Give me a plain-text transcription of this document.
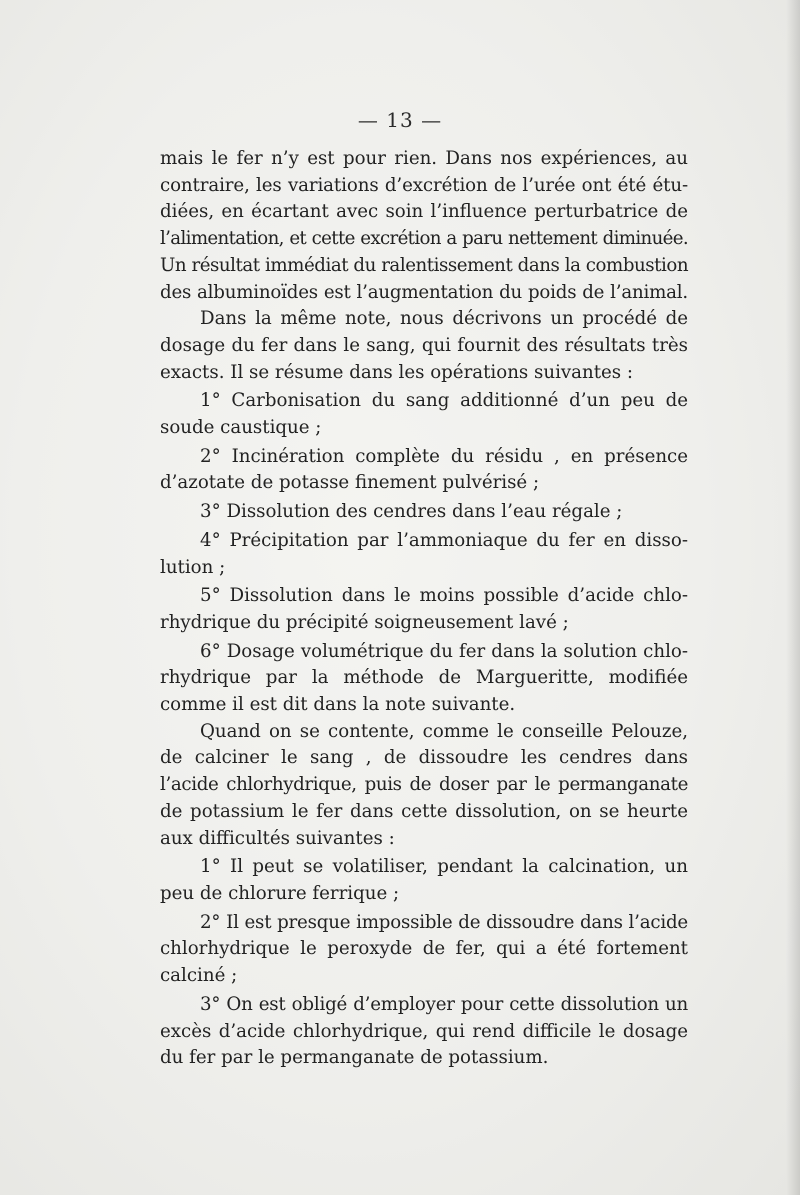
— 13 —

mais le fer n’y est pour rien. Dans nos expériences, au
contraire, les variations d’excrétion de l’urée ont été étu-
diées, en écartant avec soin l’influence perturbatrice de
l’alimentation, et cette excrétion a paru nettement diminuée.
Un résultat immédiat du ralentissement dans la combustion
des albuminoïdes est l’augmentation du poids de l’animal.

Dans la même note, nous décrivons un procédé de
dosage du fer dans le sang, qui fournit des résultats très
exacts. Il se résume dans les opérations suivantes :

1° Carbonisation du sang additionné d’un peu de
soude caustique ;

2° Incinération complète du résidu , en présence
d’azotate de potasse finement pulvérisé ;

3° Dissolution des cendres dans l’eau régale ;

4° Précipitation par l’ammoniaque du fer en disso-
lution ;

5° Dissolution dans le moins possible d’acide chlo-
rhydrique du précipité soigneusement lavé ;

6° Dosage volumétrique du fer dans la solution chlo-
rhydrique par la méthode de Margueritte, modifiée
comme il est dit dans la note suivante.

Quand on se contente, comme le conseille Pelouze,
de calciner le sang , de dissoudre les cendres dans
l’acide chlorhydrique, puis de doser par le permanganate
de potassium le fer dans cette dissolution, on se heurte
aux difficultés suivantes :

1° Il peut se volatiliser, pendant la calcination, un
peu de chlorure ferrique ;

2° Il est presque impossible de dissoudre dans l’acide
chlorhydrique le peroxyde de fer, qui a été fortement
calciné ;

3° On est obligé d’employer pour cette dissolution un
excès d’acide chlorhydrique, qui rend difficile le dosage
du fer par le permanganate de potassium.
